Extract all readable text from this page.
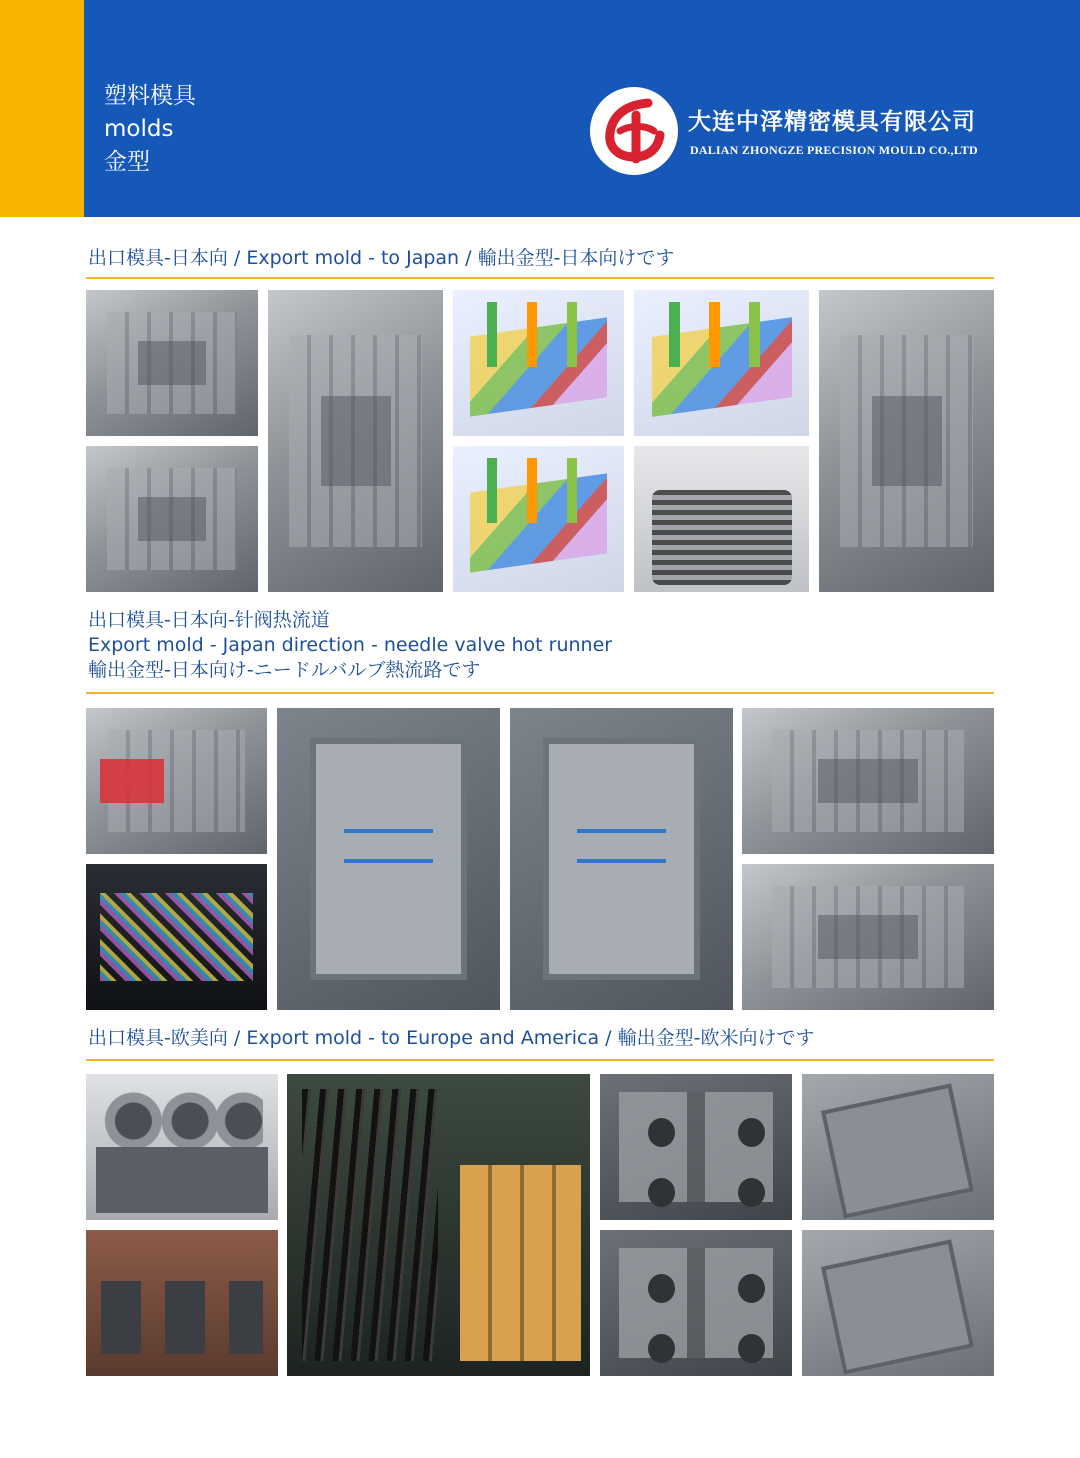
塑料模具
molds
金型
大连中泽精密模具有限公司
DALIAN ZHONGZE PRECISION MOULD CO.,LTD
出口模具-日本向 / Export mold - to Japan / 輸出金型-日本向けです
出口模具-日本向-针阀热流道
Export mold - Japan direction - needle valve hot runner
輸出金型-日本向け-ニードルバルブ熱流路です
出口模具-欧美向 / Export mold - to Europe and America / 輸出金型-欧米向けです
